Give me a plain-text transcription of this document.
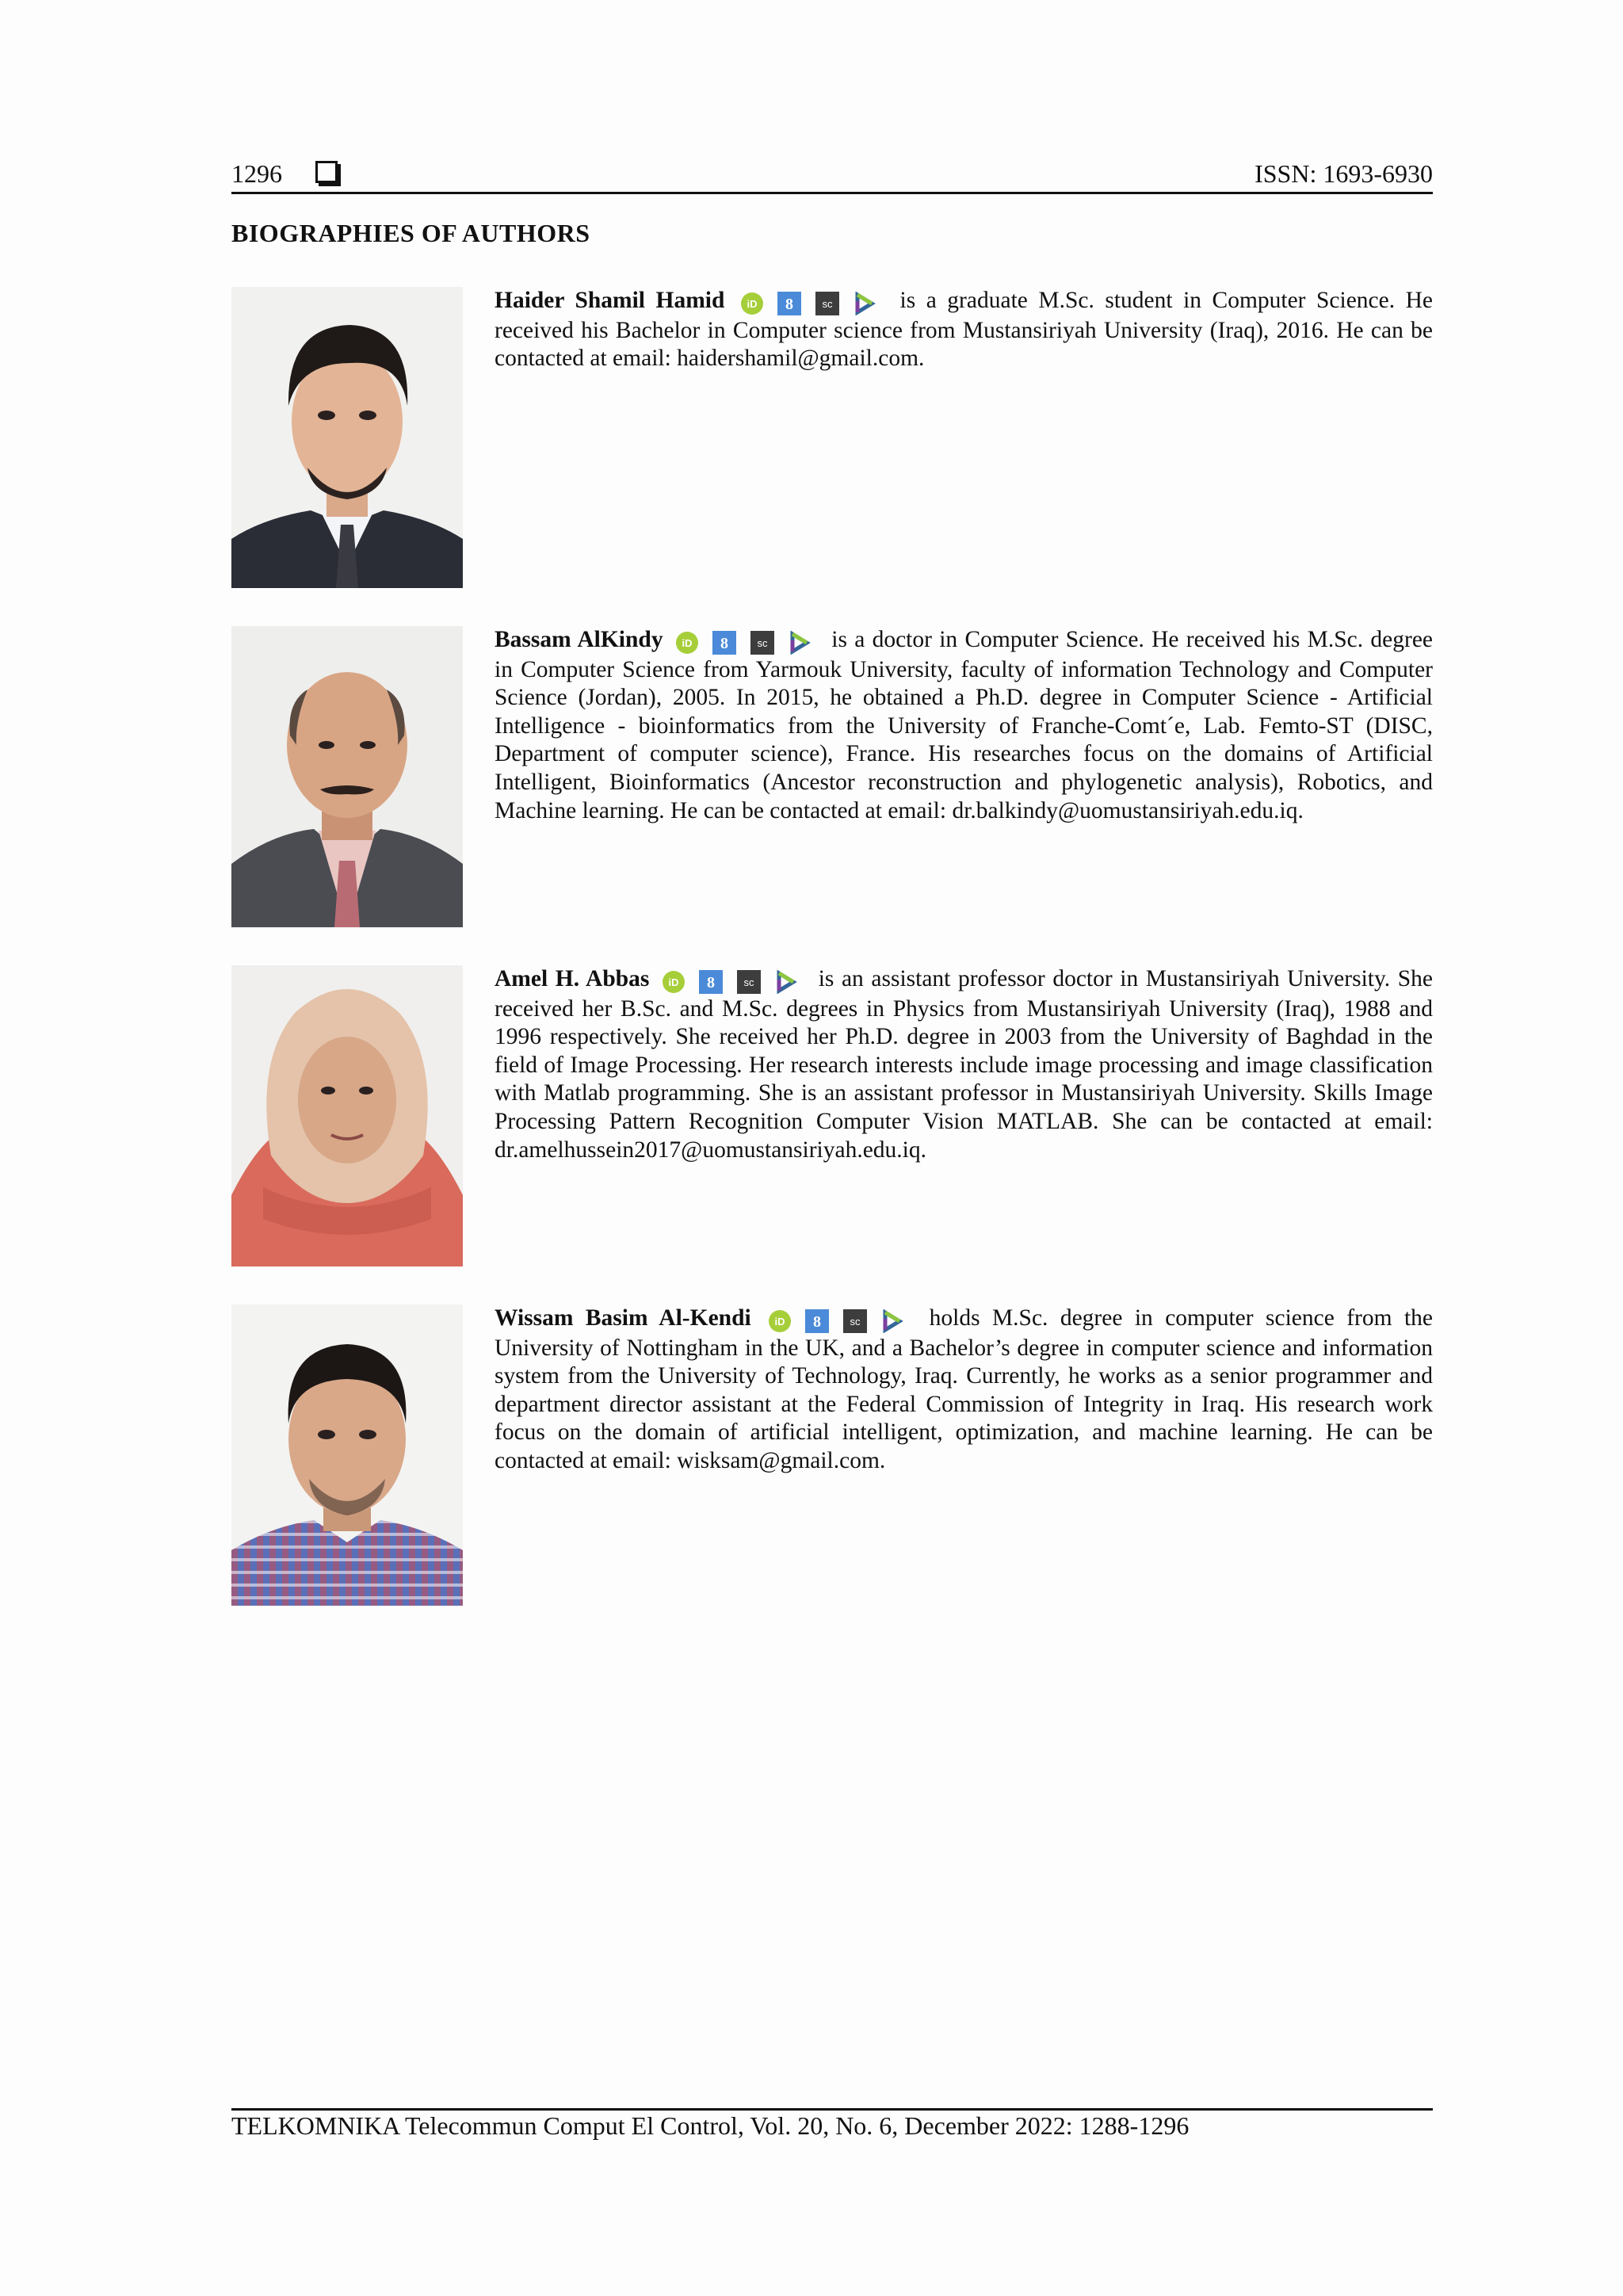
1296	ISSN: 1693-6930
BIOGRAPHIES OF AUTHORS

Haider Shamil Hamid iD
8
	sc
	is a graduate M.Sc. student in Computer Science. He received his Bachelor in Computer science from Mustansiriyah University (Iraq), 2016. He can be contacted at email: haidershamil@gmail.com.

Bassam AlKindy iD
8
	sc
	is a doctor in Computer Science. He received his M.Sc. degree in Computer Science from Yarmouk University, faculty of information Technology and Computer Science (Jordan), 2005. In 2015, he obtained a Ph.D. degree in Computer Science - Artificial Intelligence - bioinformatics from the University of Franche-Comt´e, Lab. Femto-ST (DISC, Department of computer science), France. His researches focus on the domains of Artificial Intelligent, Bioinformatics (Ancestor reconstruction and phylogenetic analysis), Robotics, and Machine learning. He can be contacted at email: dr.balkindy@uomustansiriyah.edu.iq.

Amel H. Abbas iD
8
	sc
	is an assistant professor doctor in Mustansiriyah University. She received her B.Sc. and M.Sc. degrees in Physics from Mustansiriyah University (Iraq), 1988 and 1996 respectively. She received her Ph.D. degree in 2003 from the University of Baghdad in the field of Image Processing. Her research interests include image processing and image classification with Matlab programming. She is an assistant professor in Mustansiriyah University. Skills Image Processing Pattern Recognition Computer Vision MATLAB. She can be contacted at email: dr.amelhussein2017@uomustansiriyah.edu.iq.

Wissam Basim Al-Kendi iD
8
	sc
	holds M.Sc. degree in computer science from the University of Nottingham in the UK, and a Bachelor’s degree in computer science and information system from the University of Technology, Iraq. Currently, he works as a senior programmer and department director assistant at the Federal Commission of Integrity in Iraq. His research work focus on the domain of artificial intelligent, optimization, and machine learning. He can be contacted at email: wisksam@gmail.com.

TELKOMNIKA Telecommun Comput El Control, Vol. 20, No. 6, December 2022: 1288-1296
